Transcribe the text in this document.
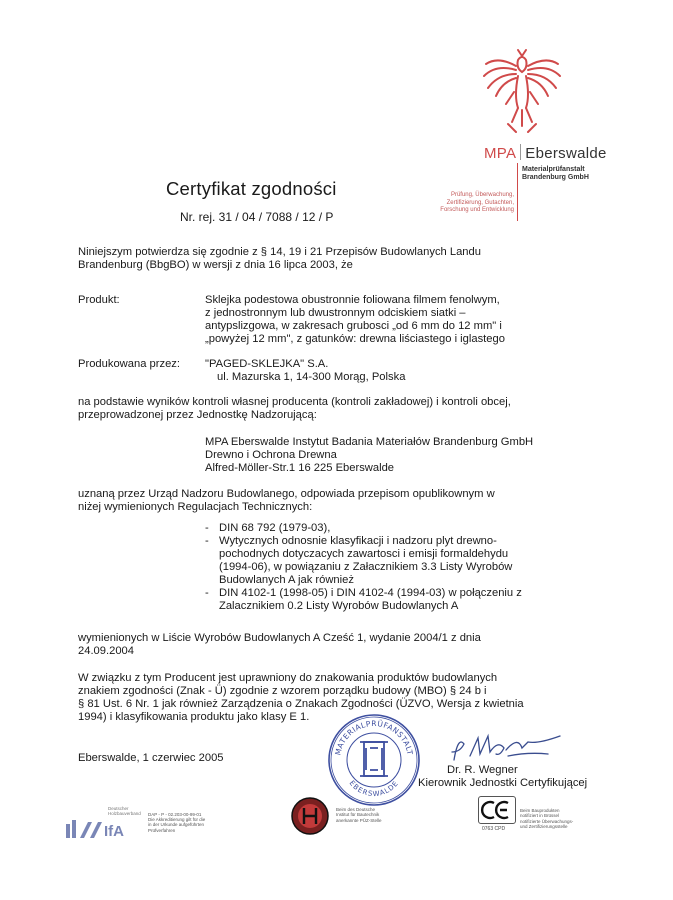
MPA Eberswalde
Materialprüfanstalt
Brandenburg GmbH
Prüfung, Überwachung,
Zertifizierung, Gutachten,
Forschung und Entwicklung
Certyfikat zgodności
Nr. rej. 31 / 04 / 7088 / 12 / P
Niniejszym potwierdza się zgodnie z § 14, 19 i 21 Przepisów Budowlanych Landu
Brandenburg (BbgBO) w wersji z dnia 16 lipca 2003, że
Produkt:	Sklejka podestowa obustronnie foliowana filmem fenolwym,
z jednostronnym lub dwustronnym odciskiem siatki –
antypslizgowa, w zakresach grubosci „od 6 mm do 12 mm" i
„powyżej 12 mm", z gatunków: drewna liściastego i iglastego
Produkowana przez: "PAGED-SKLEJKA" S.A.
ul. Mazurska 1, 14-300 Morąg, Polska
na podstawie wyników kontroli własnej producenta (kontroli zakładowej) i kontroli obcej,
przeprowadzonej przez Jednostkę Nadzorującą:
MPA Eberswalde Instytut Badania Materiałów Brandenburg GmbH
Drewno i Ochrona Drewna
Alfred-Möller-Str.1 16 225 Eberswalde
uznaną przez Urząd Nadzoru Budowlanego, odpowiada przepisom opublikownym w
niżej wymienionych Regulacjach Technicznych:
- DIN 68 792 (1979-03),
- Wytycznych odnosnie klasyfikacji i nadzoru plyt drewno-
pochodnych dotyczacych zawartosci i emisji formaldehydu
(1994-06), w powiązaniu z Załacznikiem 3.3 Listy Wyrobów
Budowlanych A jak również
- DIN 4102-1 (1998-05) i DIN 4102-4 (1994-03) w połączeniu z
Zalacznikiem 0.2 Listy Wyrobów Budowlanych A
wymienionych w Liście Wyrobów Budowlanych A Cześć 1, wydanie 2004/1 z dnia
24.09.2004
W związku z tym Producent jest uprawniony do znakowania produktów budowlanych
znakiem zgodności (Znak - Ü) zgodnie z wzorem porządku budowy (MBO) § 24 b i
§ 81 Ust. 6 Nr. 1 jak również Zarządzenia o Znakach Zgodności (ÜZVO, Wersja z kwietnia
1994) i klasyfikowania produktu jako klasy E 1.
Eberswalde, 1 czerwiec 2005
MATERIALPRÜFANSTALT
EBERSWALDE
Dr. R. Wegner
Kierownik Jednostki Certyfikującej
IfA
Deutscher Holzbauverband	DAP - P - 02.203-00-99-01
Die Akkreditierung gilt für die
in der Urkunde aufgeführten
Prüfverfahren
Beim des Deutsche
Institut für Bautechnik
anerkannte PÜZ-Stelle
0763 CPD
Beim Bauprodukten
notifiziert in Brüssel
notifizierte Überwachungs-
und Zertifizierungsstelle
